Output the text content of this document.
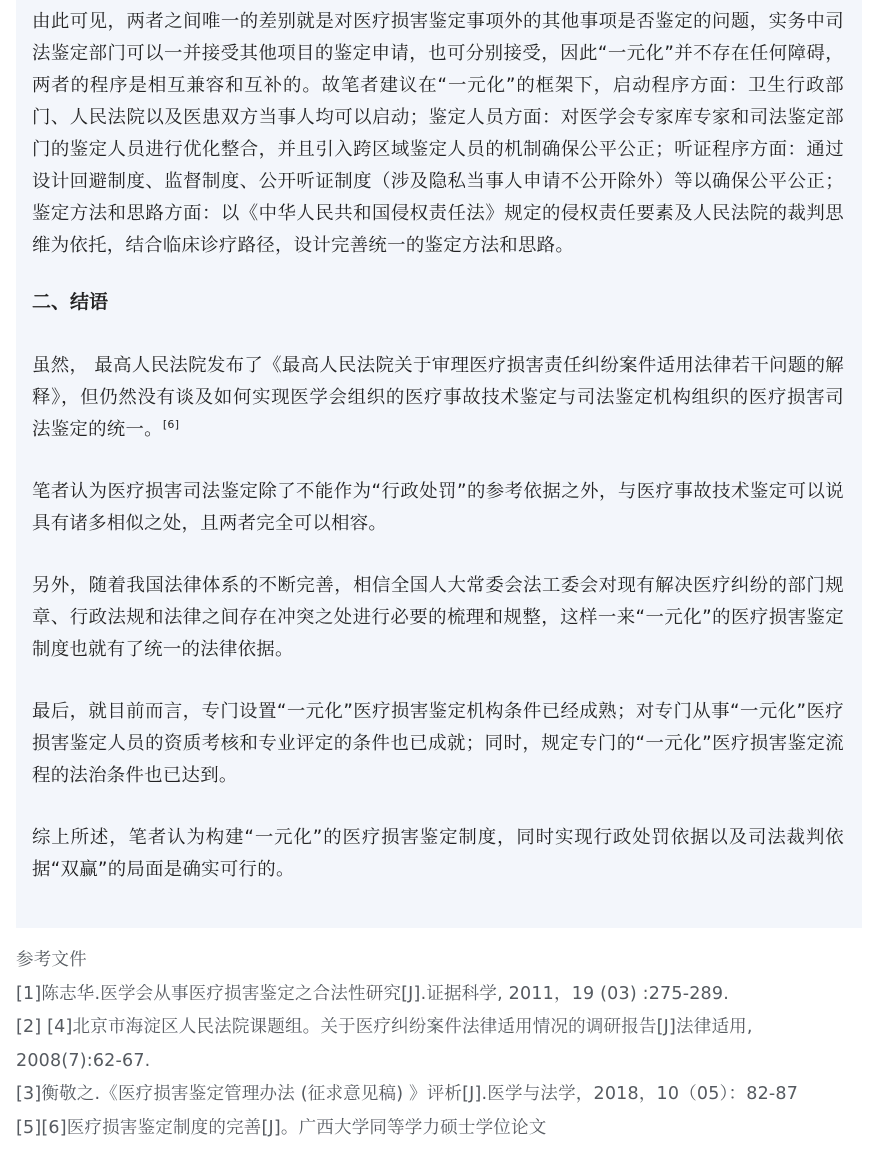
由此可见，两者之间唯一的差别就是对医疗损害鉴定事项外的其他事项是否鉴定的问题，实务中司法鉴定部门可以一并接受其他项目的鉴定申请，也可分别接受，因此“一元化”并不存在任何障碍，两者的程序是相互兼容和互补的。故笔者建议在“一元化”的框架下，启动程序方面：卫生行政部门、人民法院以及医患双方当事人均可以启动；鉴定人员方面：对医学会专家库专家和司法鉴定部门的鉴定人员进行优化整合，并且引入跨区域鉴定人员的机制确保公平公正；听证程序方面：通过设计回避制度、监督制度、公开听证制度（涉及隐私当事人申请不公开除外）等以确保公平公正；鉴定方法和思路方面：以《中华人民共和国侵权责任法》规定的侵权责任要素及人民法院的裁判思维为依托，结合临床诊疗路径，设计完善统一的鉴定方法和思路。

二、结语

虽然， 最高人民法院发布了《最高人民法院关于审理医疗损害责任纠纷案件适用法律若干问题的解释》，但仍然没有谈及如何实现医学会组织的医疗事故技术鉴定与司法鉴定机构组织的医疗损害司法鉴定的统一。[6]

笔者认为医疗损害司法鉴定除了不能作为“行政处罚”的参考依据之外，与医疗事故技术鉴定可以说具有诸多相似之处，且两者完全可以相容。

另外，随着我国法律体系的不断完善，相信全国人大常委会法工委会对现有解决医疗纠纷的部门规章、行政法规和法律之间存在冲突之处进行必要的梳理和规整，这样一来“一元化”的医疗损害鉴定制度也就有了统一的法律依据。

最后，就目前而言，专门设置“一元化”医疗损害鉴定机构条件已经成熟；对专门从事“一元化”医疗损害鉴定人员的资质考核和专业评定的条件也已成就；同时，规定专门的“一元化”医疗损害鉴定流程的法治条件也已达到。

综上所述，笔者认为构建“一元化”的医疗损害鉴定制度，同时实现行政处罚依据以及司法裁判依据“双赢”的局面是确实可行的。

参考文件
[1]陈志华.医学会从事医疗损害鉴定之合法性研究[J].证据科学, 2011，19 (03) :275-289.
[2] [4]北京市海淀区人民法院课题组。关于医疗纠纷案件法律适用情况的调研报告[J]法律适用, 2008(7):62-67.
[3]衡敬之.《医疗损害鉴定管理办法 (征求意见稿) 》评析[J].医学与法学，2018，10（05）：82-87
[5][6]医疗损害鉴定制度的完善[J]。广西大学同等学力硕士学位论文
